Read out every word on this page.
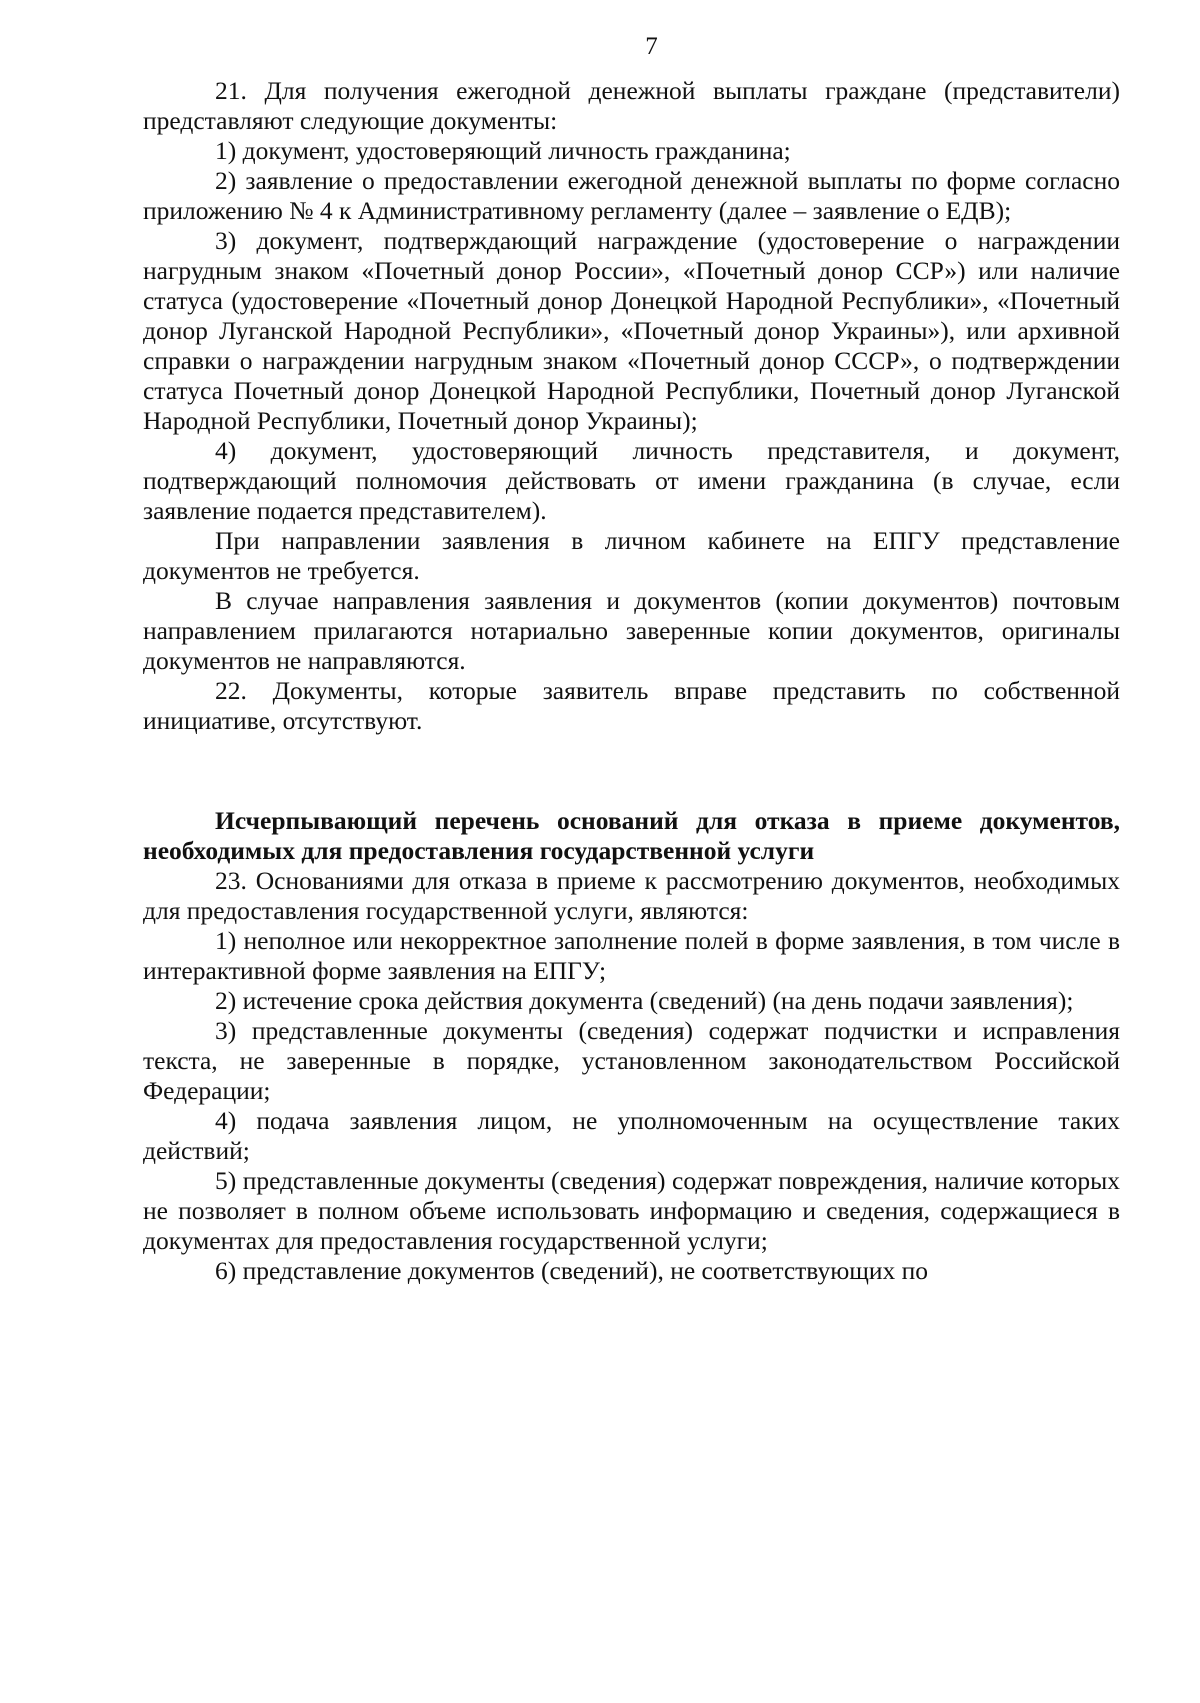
7

21. Для получения ежегодной денежной выплаты граждане (представители) представляют следующие документы:

1) документ, удостоверяющий личность гражданина;

2) заявление о предоставлении ежегодной денежной выплаты по форме согласно приложению № 4 к Административному регламенту (далее – заявление о ЕДВ);

3) документ, подтверждающий награждение (удостоверение о награждении нагрудным знаком «Почетный донор России», «Почетный донор ССР») или наличие статуса (удостоверение «Почетный донор Донецкой Народной Республики», «Почетный донор Луганской Народной Республики», «Почетный донор Украины»), или архивной справки о награждении нагрудным знаком «Почетный донор СССР», о подтверждении статуса Почетный донор Донецкой Народной Республики, Почетный донор Луганской Народной Республики, Почетный донор Украины);

4) документ, удостоверяющий личность представителя, и документ, подтверждающий полномочия действовать от имени гражданина (в случае, если заявление подается представителем).

При направлении заявления в личном кабинете на ЕПГУ представление документов не требуется.

В случае направления заявления и документов (копии документов) почтовым направлением прилагаются нотариально заверенные копии документов, оригиналы документов не направляются.

22. Документы, которые заявитель вправе представить по собственной инициативе, отсутствуют.

Исчерпывающий перечень оснований для отказа в приеме документов, необходимых для предоставления государственной услуги

23. Основаниями для отказа в приеме к рассмотрению документов, необходимых для предоставления государственной услуги, являются:

1) неполное или некорректное заполнение полей в форме заявления, в том числе в интерактивной форме заявления на ЕПГУ;

2) истечение срока действия документа (сведений) (на день подачи заявления);

3) представленные документы (сведения) содержат подчистки и исправления текста, не заверенные в порядке, установленном законодательством Российской Федерации;

4) подача заявления лицом, не уполномоченным на осуществление таких действий;

5) представленные документы (сведения) содержат повреждения, наличие которых не позволяет в полном объеме использовать информацию и сведения, содержащиеся в документах для предоставления государственной услуги;

6) представление документов (сведений), не соответствующих по
